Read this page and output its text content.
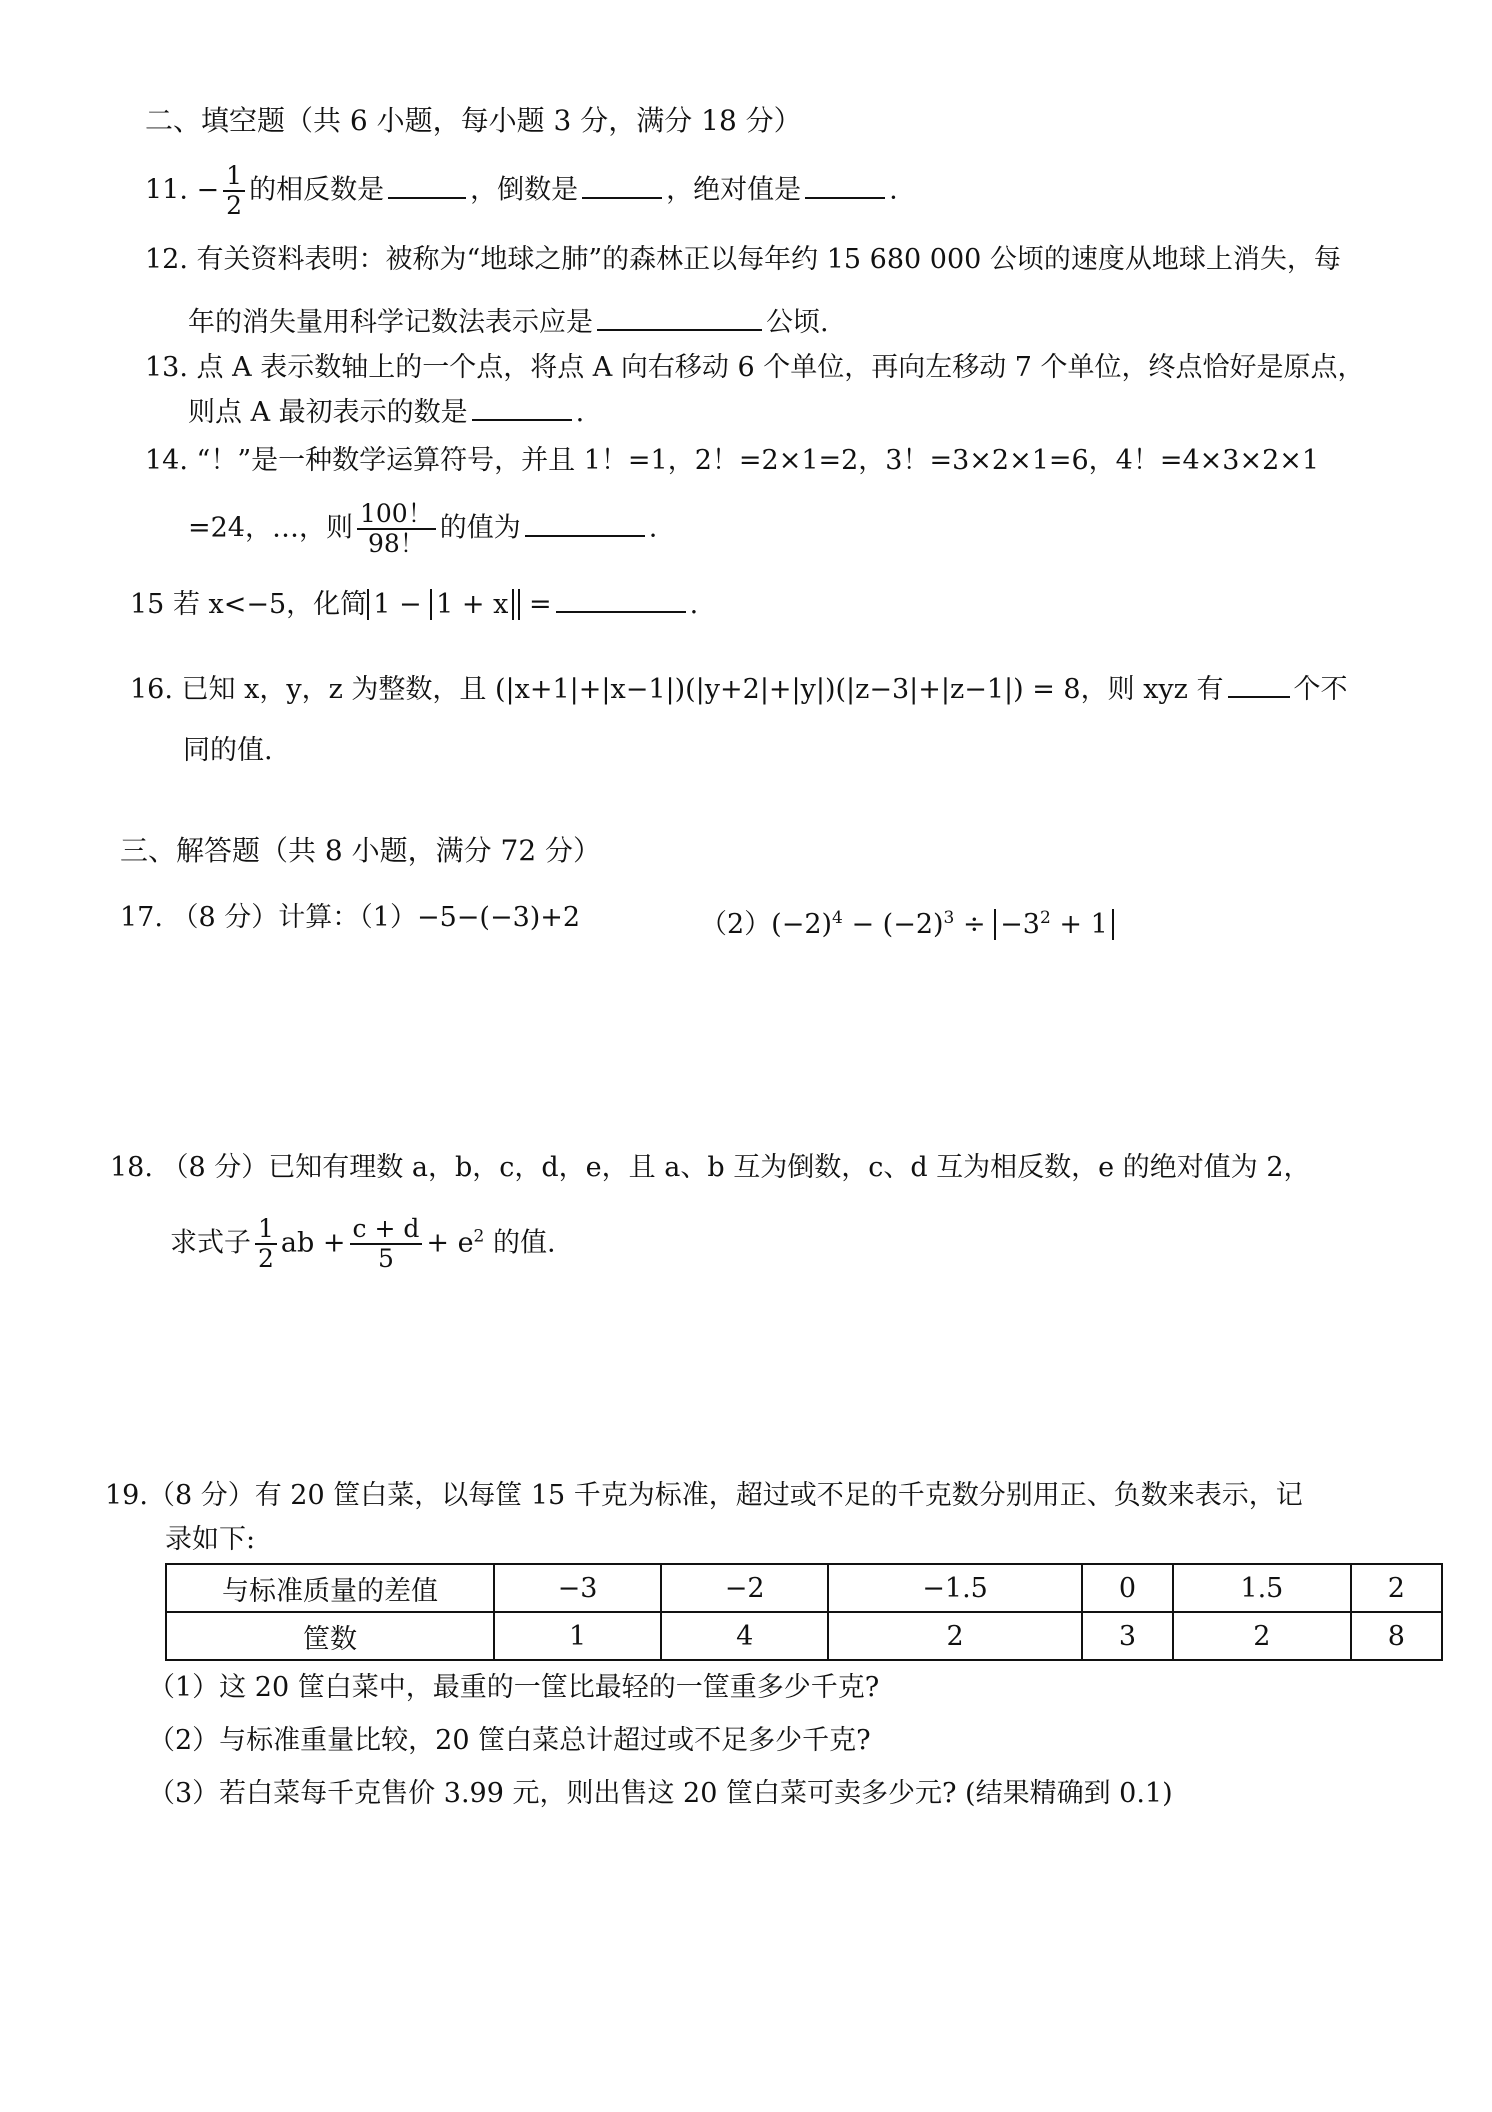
二、填空题（共 6 小题，每小题 3 分，满分 18 分）
11. − $\frac{1}{2}$ 的相反数是	，倒数是	，绝对值是	.
12. 有关资料表明：被称为“地球之肺”的森林正以每年约 15 680 000 公顷的速度从地球上消失，每
年的消失量用科学记数法表示应是	公顷.
13. 点 A 表示数轴上的一个点，将点 A 向右移动 6 个单位，再向左移动 7 个单位，终点恰好是原点，
则点 A 最初表示的数是	.
14. “！”是一种数学运算符号，并且 1！=1，2！=2×1=2，3！=3×2×1=6，4！=4×3×2×1
=24，…，则 $\frac{100!}{98!}$ 的值为	.
15 若 x<−5，化简 1 − 1 + x =	.
16. 已知 x，y，z 为整数，且 (|x+1|+|x−1|)(|y+2|+|y|)(|z−3|+|z−1|) = 8，则 xyz 有	个不
同的值.
三、解答题（共 8 小题，满分 72 分）
17. （8 分）计算：（1）−5−(−3)+2	$(2)(-2)^4 - (-2)^3 \div -3^2 + 1$
18. （8 分）已知有理数 a，b，c，d，e，且 a、b 互为倒数，c、d 互为相反数，e 的绝对值为 2，
求式子 $\frac{1}{2}$ ab + $\frac{c + d}{5} + e^2$ 的值.
19.（8 分）有 20 筐白菜，以每筐 15 千克为标准，超过或不足的千克数分别用正、负数来表示，记
录如下:
与标准质量的差值	−3	−2	−1.5	0	1.5	2
筐数	1	4	2	3	2	8
（1）这 20 筐白菜中，最重的一筐比最轻的一筐重多少千克?
（2）与标准重量比较，20 筐白菜总计超过或不足多少千克?
（3）若白菜每千克售价 3.99 元，则出售这 20 筐白菜可卖多少元? (结果精确到 0.1)
